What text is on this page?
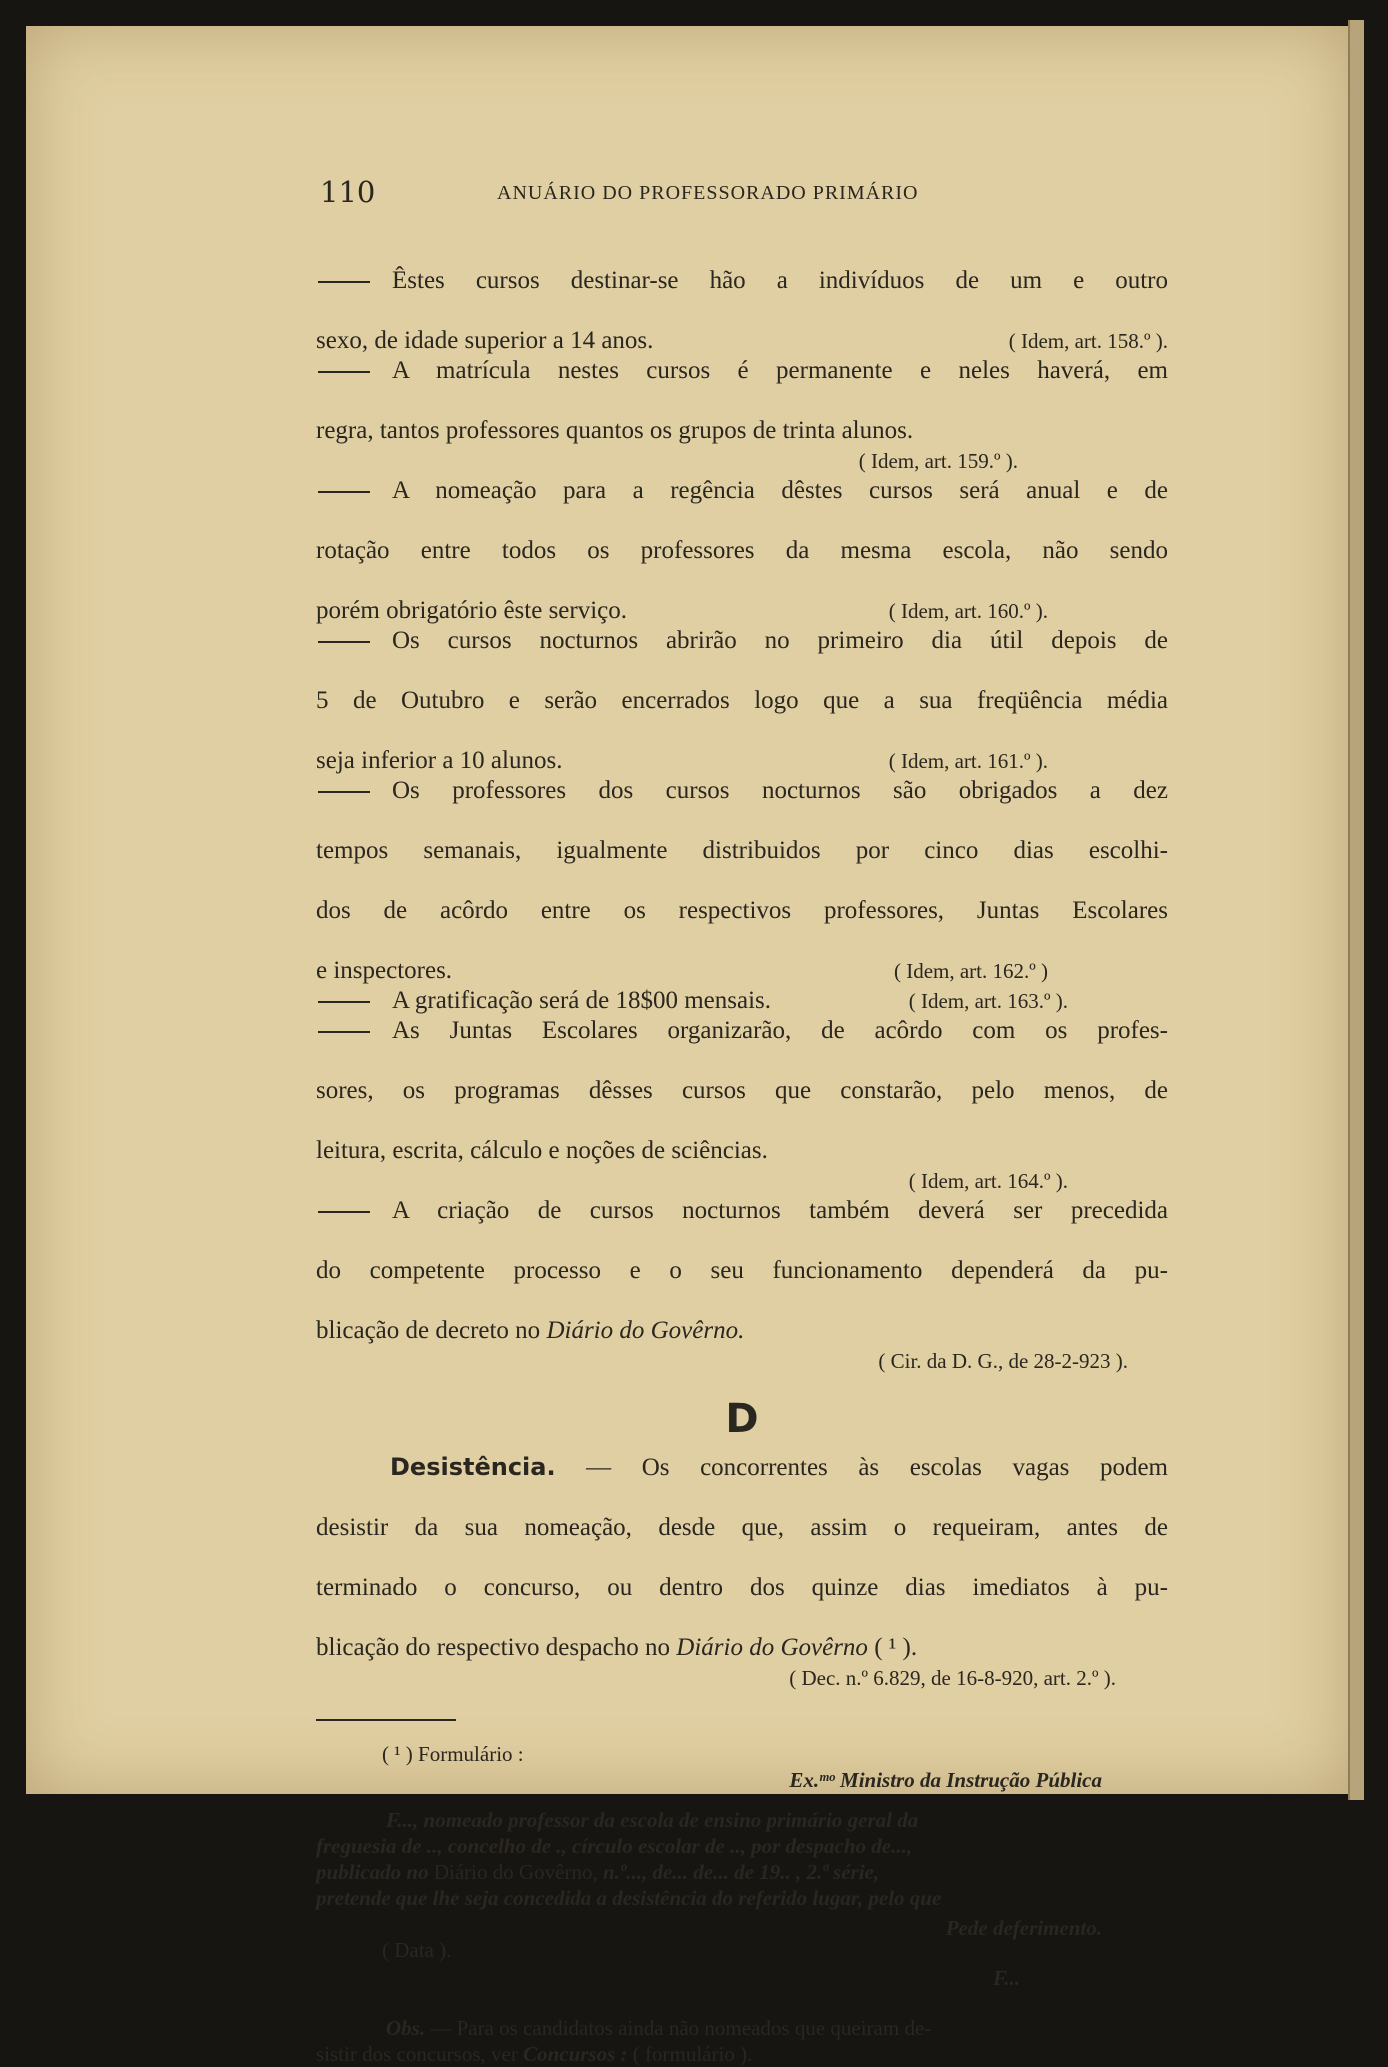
110	ANUÁRIO DO PROFESSORADO PRIMÁRIO

Êstes cursos destinar-se hão a indivíduos de um e outro

sexo, de idade superior a 14 anos.	( Idem, art. 158.º ).

A matrícula nestes cursos é permanente e neles haverá, em

regra, tantos professores quantos os grupos de trinta alunos.

( Idem, art. 159.º ).

A nomeação para a regência dêstes cursos será anual e de

rotação entre todos os professores da mesma escola, não sendo

porém obrigatório êste serviço.	( Idem, art. 160.º ).

Os cursos nocturnos abrirão no primeiro dia útil depois de

5 de Outubro e serão encerrados logo que a sua freqüência média

seja inferior a 10 alunos.	( Idem, art. 161.º ).

Os professores dos cursos nocturnos são obrigados a dez

tempos semanais, igualmente distribuidos por cinco dias escolhi-

dos de acôrdo entre os respectivos professores, Juntas Escolares

e inspectores.	( Idem, art. 162.º )

A gratificação será de 18$00 mensais.	( Idem, art. 163.º ).

As Juntas Escolares organizarão, de acôrdo com os profes-

sores, os programas dêsses cursos que constarão, pelo menos, de

leitura, escrita, cálculo e noções de sciências.

( Idem, art. 164.º ).

A criação de cursos nocturnos também deverá ser precedida

do competente processo e o seu funcionamento dependerá da pu-

blicação de decreto no Diário do Govêrno.

( Cir. da D. G., de 28-2-923 ).

D

Desistência. — Os concorrentes às escolas vagas podem

desistir da sua nomeação, desde que, assim o requeiram, antes de

terminado o concurso, ou dentro dos quinze dias imediatos à pu-

blicação do respectivo despacho no Diário do Govêrno ( ¹ ).

( Dec. n.º 6.829, de 16-8-920, art. 2.º ).

( ¹ ) Formulário :
Ex.ᵐᵒ Ministro da Instrução Pública
F..., nomeado professor da escola de ensino primário geral da
freguesia de .., concelho de ., círculo escolar de .., por despacho de...,
publicado no Diário do Govêrno, n.º..., de... de... de 19.. , 2.ª série,
pretende que lhe seja concedida a desistência do referido lugar, pelo que
Pede deferimento.
( Data ).
F...
Obs. — Para os candidatos ainda não nomeados que queiram de-
sistir dos concursos, ver Concursos : ( formulário ).
